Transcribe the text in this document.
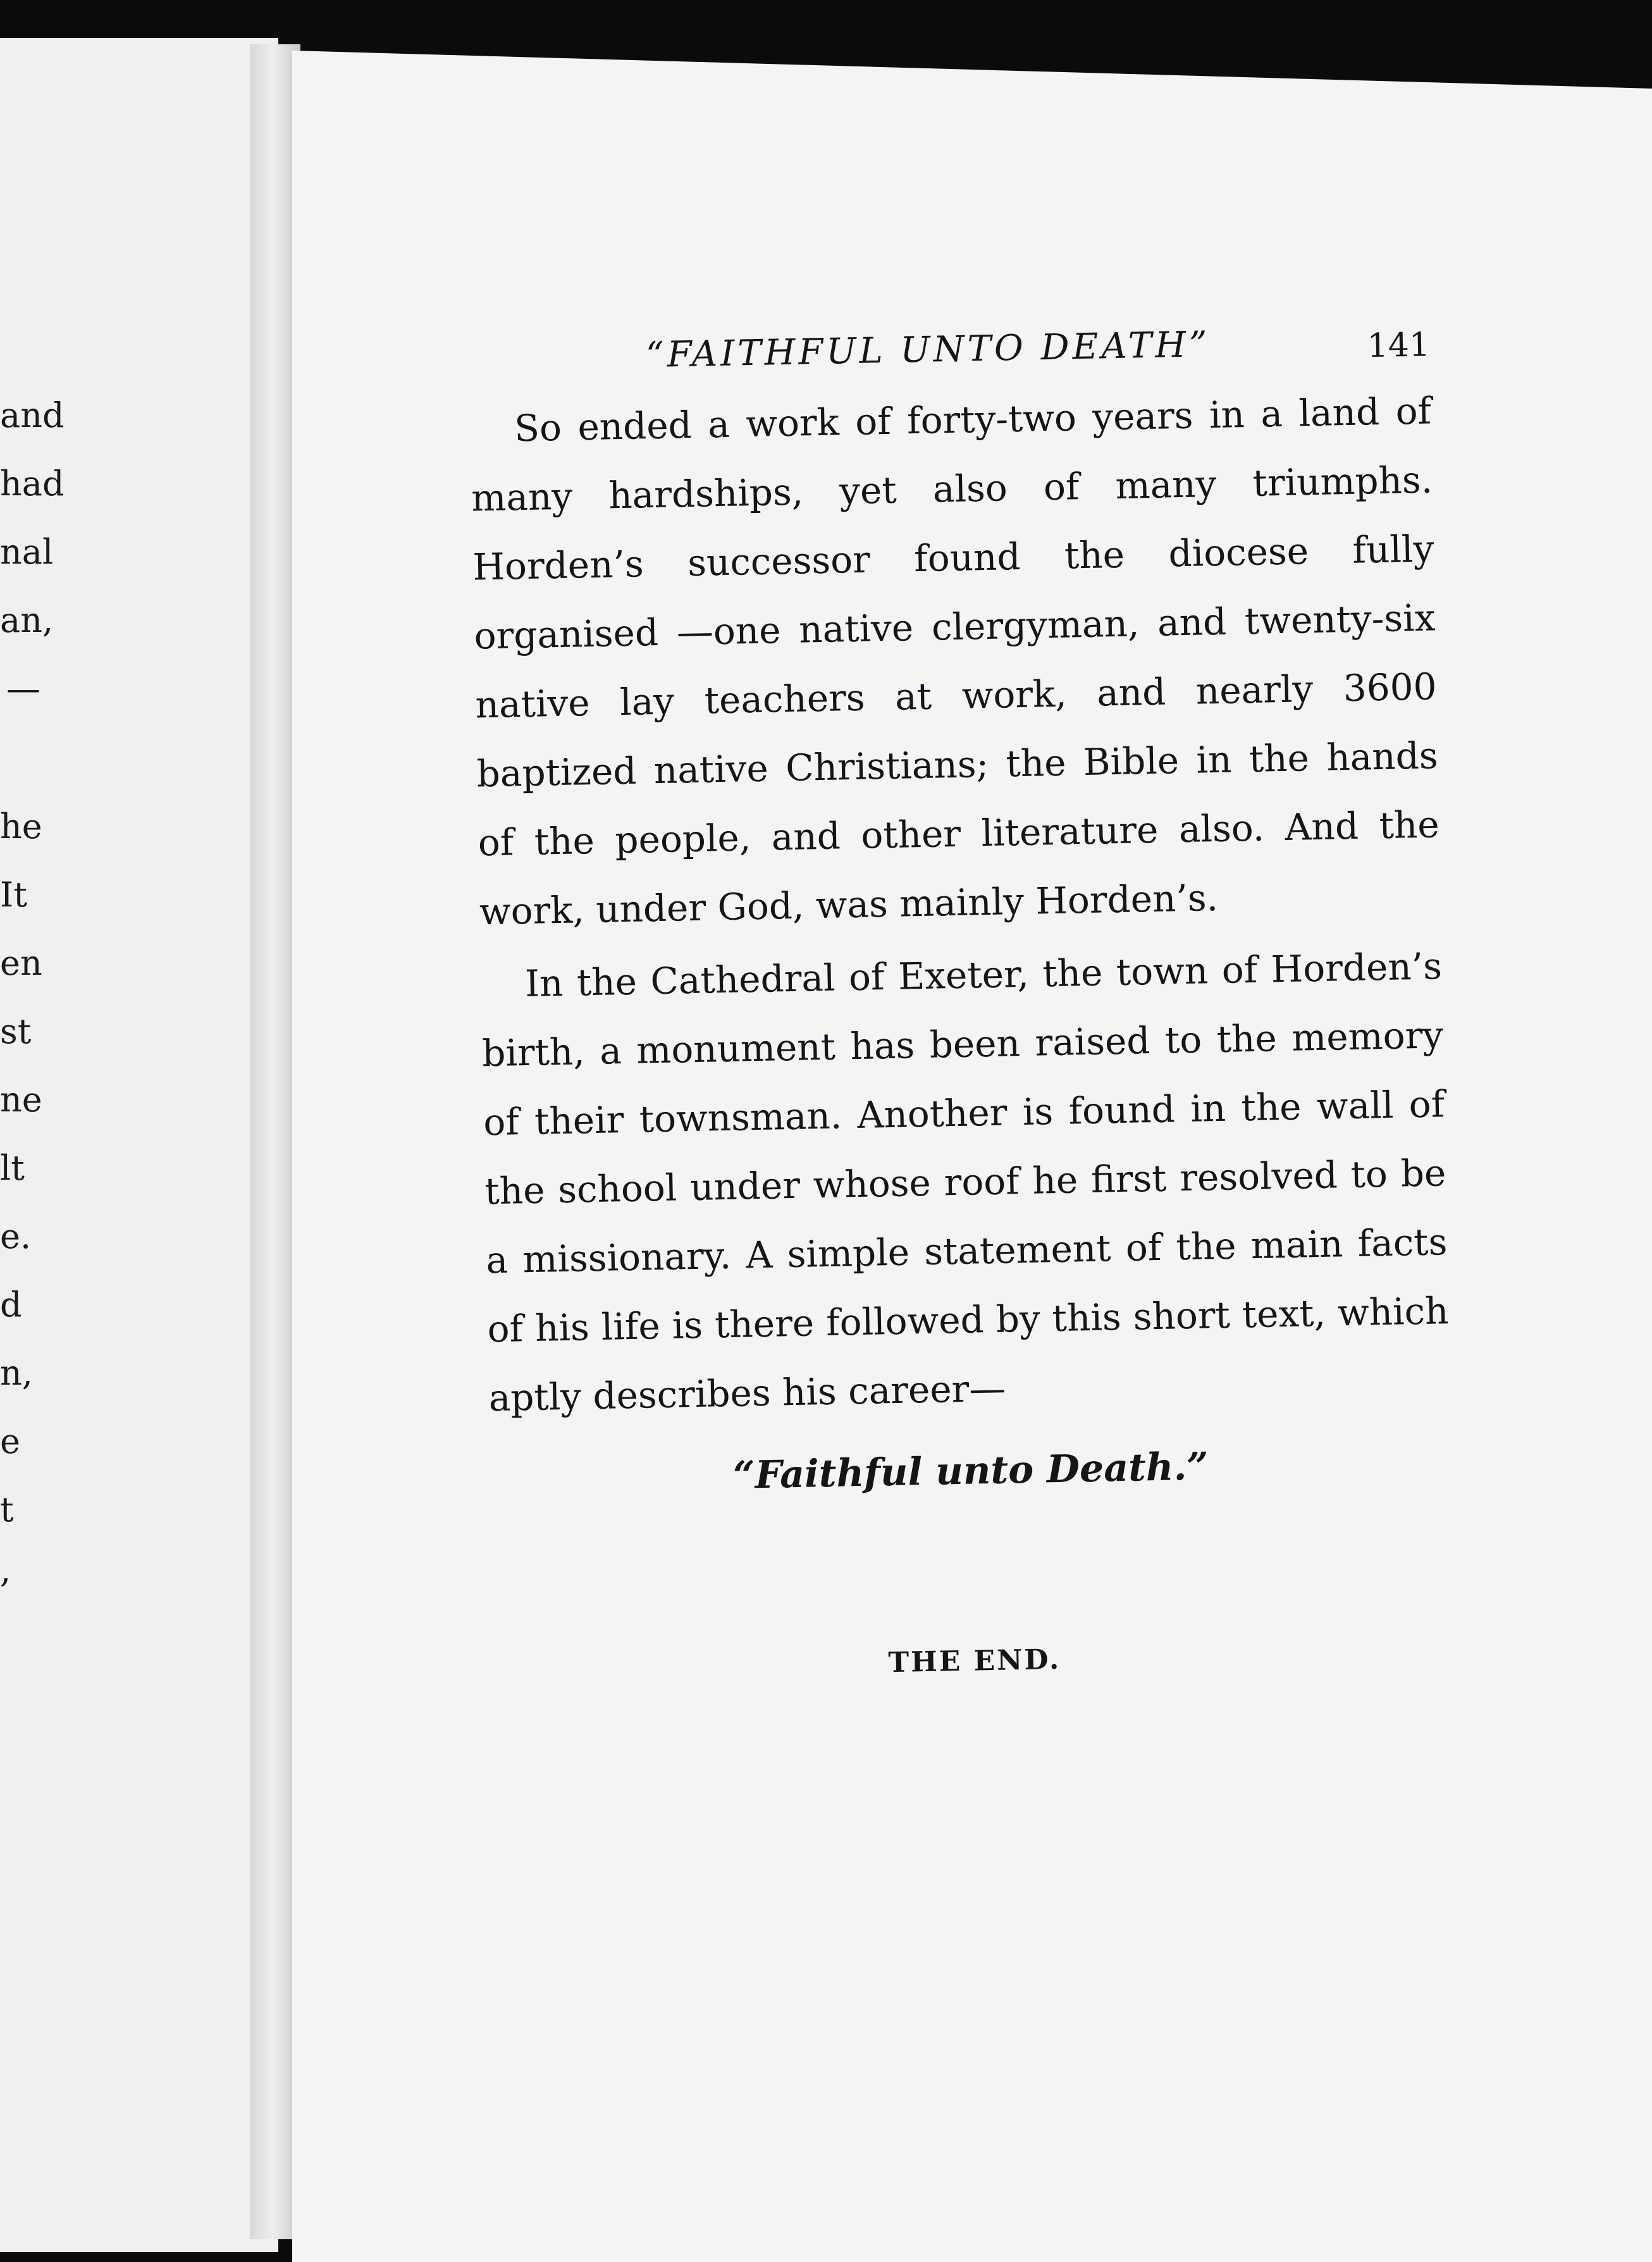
and
had
nal
an,
—
he
It
en
st
ne
lt
e.
d
n,
e
t
,
“FAITHFUL UNTO DEATH”	141

So ended a work of forty-two years in a land of many hardships, yet also of many triumphs. Horden’s successor found the diocese fully organised —one native clergyman, and twenty-six native lay teachers at work, and nearly 3600 baptized native Christians; the Bible in the hands of the people, and other literature also. And the work, under God, was mainly Horden’s.

In the Cathedral of Exeter, the town of Horden’s birth, a monument has been raised to the memory of their townsman. Another is found in the wall of the school under whose roof he first resolved to be a missionary. A simple statement of the main facts of his life is there followed by this short text, which aptly describes his career—

“Faithful unto Death.”
THE END.
